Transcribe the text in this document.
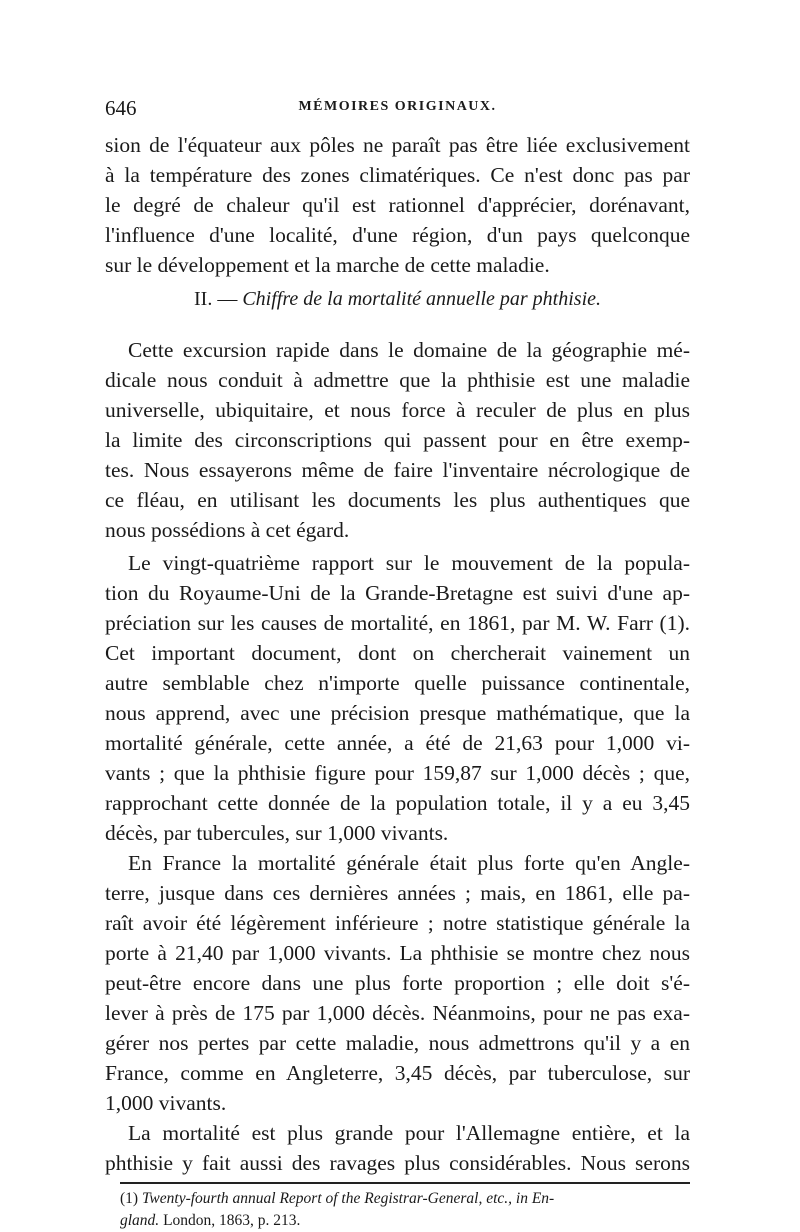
646	MÉMOIRES ORIGINAUX.
sion de l'équateur aux pôles ne paraît pas être liée exclusivement
à la température des zones climatériques. Ce n'est donc pas par
le degré de chaleur qu'il est rationnel d'apprécier, dorénavant,
l'influence d'une localité, d'une région, d'un pays quelconque
sur le développement et la marche de cette maladie.
II. — Chiffre de la mortalité annuelle par phthisie.
Cette excursion rapide dans le domaine de la géographie mé-
dicale nous conduit à admettre que la phthisie est une maladie
universelle, ubiquitaire, et nous force à reculer de plus en plus
la limite des circonscriptions qui passent pour en être exemp-
tes. Nous essayerons même de faire l'inventaire nécrologique de
ce fléau, en utilisant les documents les plus authentiques que
nous possédions à cet égard.
Le vingt-quatrième rapport sur le mouvement de la popula-
tion du Royaume-Uni de la Grande-Bretagne est suivi d'une ap-
préciation sur les causes de mortalité, en 1861, par M. W. Farr (1).
Cet important document, dont on chercherait vainement un
autre semblable chez n'importe quelle puissance continentale,
nous apprend, avec une précision presque mathématique, que la
mortalité générale, cette année, a été de 21,63 pour 1,000 vi-
vants ; que la phthisie figure pour 159,87 sur 1,000 décès ; que,
rapprochant cette donnée de la population totale, il y a eu 3,45
décès, par tubercules, sur 1,000 vivants.
En France la mortalité générale était plus forte qu'en Angle-
terre, jusque dans ces dernières années ; mais, en 1861, elle pa-
raît avoir été légèrement inférieure ; notre statistique générale la
porte à 21,40 par 1,000 vivants. La phthisie se montre chez nous
peut-être encore dans une plus forte proportion ; elle doit s'é-
lever à près de 175 par 1,000 décès. Néanmoins, pour ne pas exa-
gérer nos pertes par cette maladie, nous admettrons qu'il y a en
France, comme en Angleterre, 3,45 décès, par tuberculose, sur
1,000 vivants.
La mortalité est plus grande pour l'Allemagne entière, et la
phthisie y fait aussi des ravages plus considérables. Nous serons
(1) Twenty-fourth annual Report of the Registrar-General, etc., in En-
gland. London, 1863, p. 213.
